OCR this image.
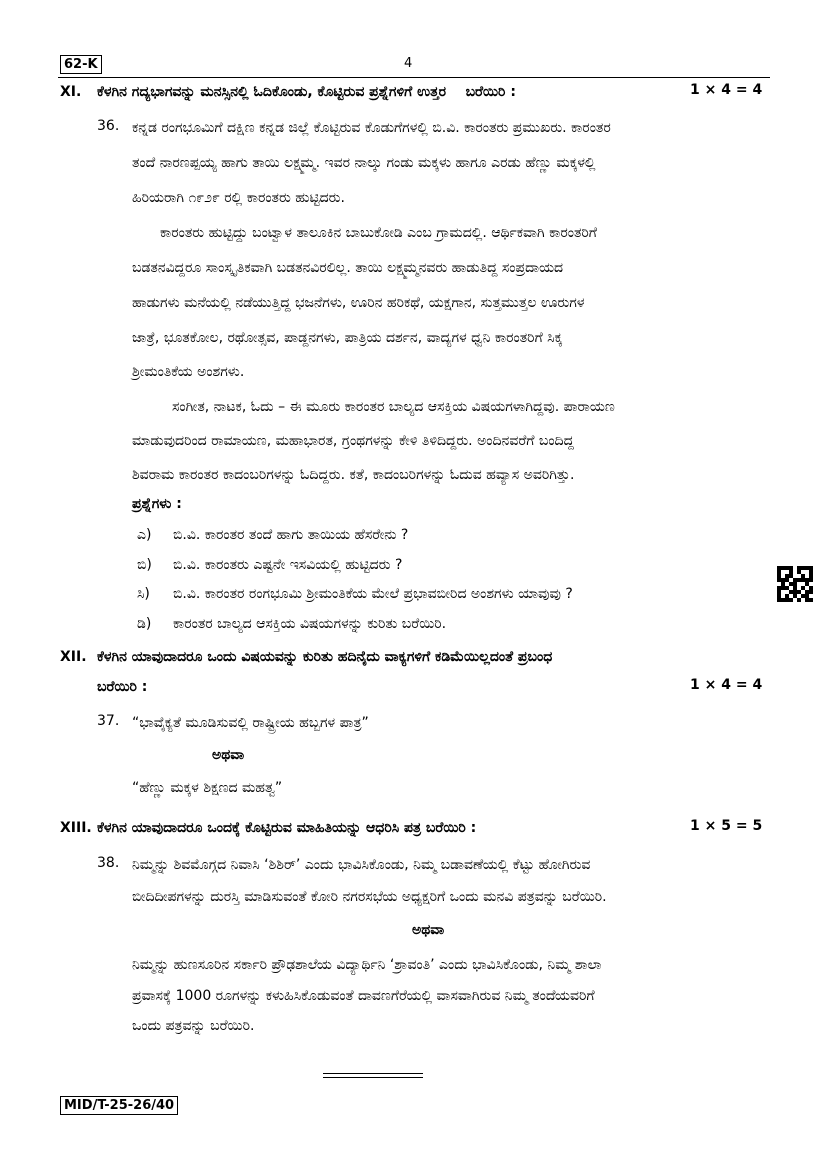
62-K	4
XI. ಕೆಳಗಿನ ಗದ್ಯಭಾಗವನ್ನು ಮನಸ್ಸಿನಲ್ಲಿ ಓದಿಕೊಂಡು, ಕೊಟ್ಟಿರುವ ಪ್ರಶ್ನೆಗಳಿಗೆ ಉತ್ತರ    ಬರೆಯಿರಿ :	1 × 4 = 4
36. ಕನ್ನಡ ರಂಗಭೂಮಿಗೆ ದಕ್ಷಿಣ ಕನ್ನಡ ಜಿಲ್ಲೆ ಕೊಟ್ಟಿರುವ ಕೊಡುಗೆಗಳಲ್ಲಿ ಬಿ.ವಿ. ಕಾರಂತರು ಪ್ರಮುಖರು. ಕಾರಂತರ
ತಂದೆ ನಾರಣಪ್ಪಯ್ಯ ಹಾಗು ತಾಯಿ ಲಕ್ಷ್ಮಮ್ಮ. ಇವರ ನಾಲ್ಕು ಗಂಡು ಮಕ್ಕಳು ಹಾಗೂ ಎರಡು ಹೆಣ್ಣು ಮಕ್ಕಳಲ್ಲಿ
ಹಿರಿಯರಾಗಿ ೧೯೨೯ ರಲ್ಲಿ ಕಾರಂತರು ಹುಟ್ಟಿದರು.
ಕಾರಂತರು ಹುಟ್ಟಿದ್ದು ಬಂಟ್ವಾಳ ತಾಲೂಕಿನ ಬಾಬುಕೋಡಿ ಎಂಬ ಗ್ರಾಮದಲ್ಲಿ. ಆರ್ಥಿಕವಾಗಿ ಕಾರಂತರಿಗೆ
ಬಡತನವಿದ್ದರೂ ಸಾಂಸ್ಕೃತಿಕವಾಗಿ ಬಡತನವಿರಲಿಲ್ಲ. ತಾಯಿ ಲಕ್ಷ್ಮಮ್ಮನವರು ಹಾಡುತಿದ್ದ ಸಂಪ್ರದಾಯದ
ಹಾಡುಗಳು ಮನೆಯಲ್ಲಿ ನಡೆಯುತ್ತಿದ್ದ ಭಜನೆಗಳು, ಊರಿನ ಹರಿಕಥೆ, ಯಕ್ಷಗಾನ, ಸುತ್ತಮುತ್ತಲ ಊರುಗಳ
ಜಾತ್ರೆ, ಭೂತಕೋಲ, ರಥೋತ್ಸವ, ಪಾಡ್ದನಗಳು, ಪಾತ್ರಿಯ ದರ್ಶನ, ವಾದ್ಯಗಳ ಧ್ವನಿ ಕಾರಂತರಿಗೆ ಸಿಕ್ಕ
ಶ್ರೀಮಂತಿಕೆಯ ಅಂಶಗಳು.
ಸಂಗೀತ, ನಾಟಕ, ಓದು – ಈ ಮೂರು ಕಾರಂತರ ಬಾಲ್ಯದ ಆಸಕ್ತಿಯ ವಿಷಯಗಳಾಗಿದ್ದವು. ಪಾರಾಯಣ
ಮಾಡುವುದರಿಂದ ರಾಮಾಯಣ, ಮಹಾಭಾರತ, ಗ್ರಂಥಗಳನ್ನು ಕೇಳಿ ತಿಳಿದಿದ್ದರು. ಅಂದಿನವರೆಗೆ ಬಂದಿದ್ದ
ಶಿವರಾಮ ಕಾರಂತರ ಕಾದಂಬರಿಗಳನ್ನು ಓದಿದ್ದರು. ಕತೆ, ಕಾದಂಬರಿಗಳನ್ನು ಓದುವ ಹವ್ಯಾಸ ಅವರಿಗಿತ್ತು.
ಪ್ರಶ್ನೆಗಳು :
ಎ) ಬಿ.ವಿ. ಕಾರಂತರ ತಂದೆ ಹಾಗು ತಾಯಿಯ ಹೆಸರೇನು ?
ಬಿ) ಬಿ.ವಿ. ಕಾರಂತರು ಎಷ್ಟನೇ ಇಸವಿಯಲ್ಲಿ ಹುಟ್ಟಿದರು ?
ಸಿ) ಬಿ.ವಿ. ಕಾರಂತರ ರಂಗಭೂಮಿ ಶ್ರೀಮಂತಿಕೆಯ ಮೇಲೆ ಪ್ರಭಾವಬೀರಿದ ಅಂಶಗಳು ಯಾವುವು ?
ಡಿ) ಕಾರಂತರ ಬಾಲ್ಯದ ಆಸಕ್ತಿಯ ವಿಷಯಗಳನ್ನು ಕುರಿತು ಬರೆಯಿರಿ.
XII. ಕೆಳಗಿನ ಯಾವುದಾದರೂ ಒಂದು ವಿಷಯವನ್ನು ಕುರಿತು ಹದಿನೈದು ವಾಕ್ಯಗಳಿಗೆ ಕಡಿಮೆಯಿಲ್ಲದಂತೆ ಪ್ರಬಂಧ
ಬರೆಯಿರಿ :	1 × 4 = 4
37. “ಭಾವೈಕ್ಯತೆ ಮೂಡಿಸುವಲ್ಲಿ ರಾಷ್ಟ್ರೀಯ ಹಬ್ಬಗಳ ಪಾತ್ರ”
ಅಥವಾ
“ಹೆಣ್ಣು ಮಕ್ಕಳ ಶಿಕ್ಷಣದ ಮಹತ್ವ”
XIII. ಕೆಳಗಿನ ಯಾವುದಾದರೂ ಒಂದಕ್ಕೆ ಕೊಟ್ಟಿರುವ ಮಾಹಿತಿಯನ್ನು ಆಧರಿಸಿ ಪತ್ರ ಬರೆಯಿರಿ :	1 × 5 = 5
38. ನಿಮ್ಮನ್ನು ಶಿವಮೊಗ್ಗದ ನಿವಾಸಿ ‘ಶಿಶಿರ್’ ಎಂದು ಭಾವಿಸಿಕೊಂಡು, ನಿಮ್ಮ ಬಡಾವಣೆಯಲ್ಲಿ ಕೆಟ್ಟು ಹೋಗಿರುವ
ಬೀದಿದೀಪಗಳನ್ನು ದುರಸ್ತಿ ಮಾಡಿಸುವಂತೆ ಕೋರಿ ನಗರಸಭೆಯ ಅಧ್ಯಕ್ಷರಿಗೆ ಒಂದು ಮನವಿ ಪತ್ರವನ್ನು ಬರೆಯಿರಿ.
ಅಥವಾ
ನಿಮ್ಮನ್ನು ಹುಣಸೂರಿನ ಸರ್ಕಾರಿ ಪ್ರೌಢಶಾಲೆಯ ವಿದ್ಯಾರ್ಥಿನಿ ‘ಶ್ರಾವಂತಿ’ ಎಂದು ಭಾವಿಸಿಕೊಂಡು, ನಿಮ್ಮ ಶಾಲಾ
ಪ್ರವಾಸಕ್ಕೆ 1000 ರೂಗಳನ್ನು ಕಳುಹಿಸಿಕೊಡುವಂತೆ ದಾವಣಗೆರೆಯಲ್ಲಿ ವಾಸವಾಗಿರುವ ನಿಮ್ಮ ತಂದೆಯವರಿಗೆ
ಒಂದು ಪತ್ರವನ್ನು ಬರೆಯಿರಿ.
MID/T-25-26/40
